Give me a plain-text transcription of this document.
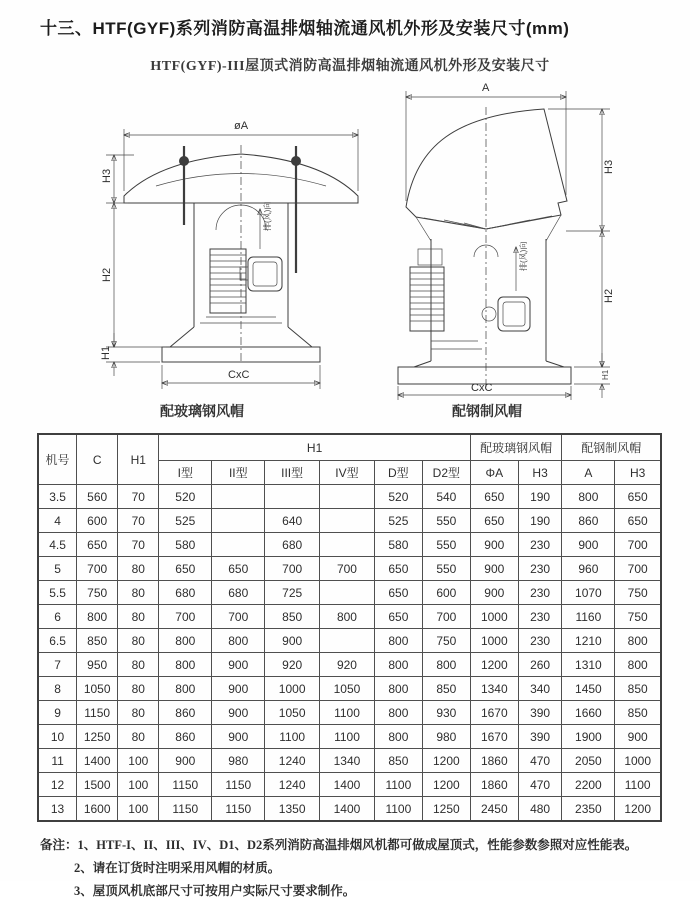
十三、HTF(GYF)系列消防高温排烟轴流通风机外形及安装尺寸(mm)
HTF(GYF)-III屋顶式消防高温排烟轴流通风机外形及安装尺寸
排(风)向
øA
H3
H2
H1
CxC
排(风)向
A
H3
H2
H1
CxC
配玻璃钢风帽	配钢制风帽
机号	C	H1	H1						配玻璃钢风帽		配钢制风帽	
			I型	II型	III型	IV型	D型	D2型	ΦA	H3	A	H3
3.5	560	70	520				520	540	650	190	800	650
4	600	70	525		640		525	550	650	190	860	650
4.5	650	70	580		680		580	550	900	230	900	700
5	700	80	650	650	700	700	650	550	900	230	960	700
5.5	750	80	680	680	725		650	600	900	230	1070	750
6	800	80	700	700	850	800	650	700	1000	230	1160	750
6.5	850	80	800	800	900		800	750	1000	230	1210	800
7	950	80	800	900	920	920	800	800	1200	260	1310	800
8	1050	80	800	900	1000	1050	800	850	1340	340	1450	850
9	1150	80	860	900	1050	1100	800	930	1670	390	1660	850
10	1250	80	860	900	1100	1100	800	980	1670	390	1900	900
11	1400	100	900	980	1240	1340	850	1200	1860	470	2050	1000
12	1500	100	1150	1150	1240	1400	1100	1200	1860	470	2200	1100
13	1600	100	1150	1150	1350	1400	1100	1250	2450	480	2350	1200
备注：1、HTF-I、II、III、IV、D1、D2系列消防高温排烟风机都可做成屋顶式，性能参数参照对应性能表。
2、请在订货时注明采用风帽的材质。
3、屋顶风机底部尺寸可按用户实际尺寸要求制作。
